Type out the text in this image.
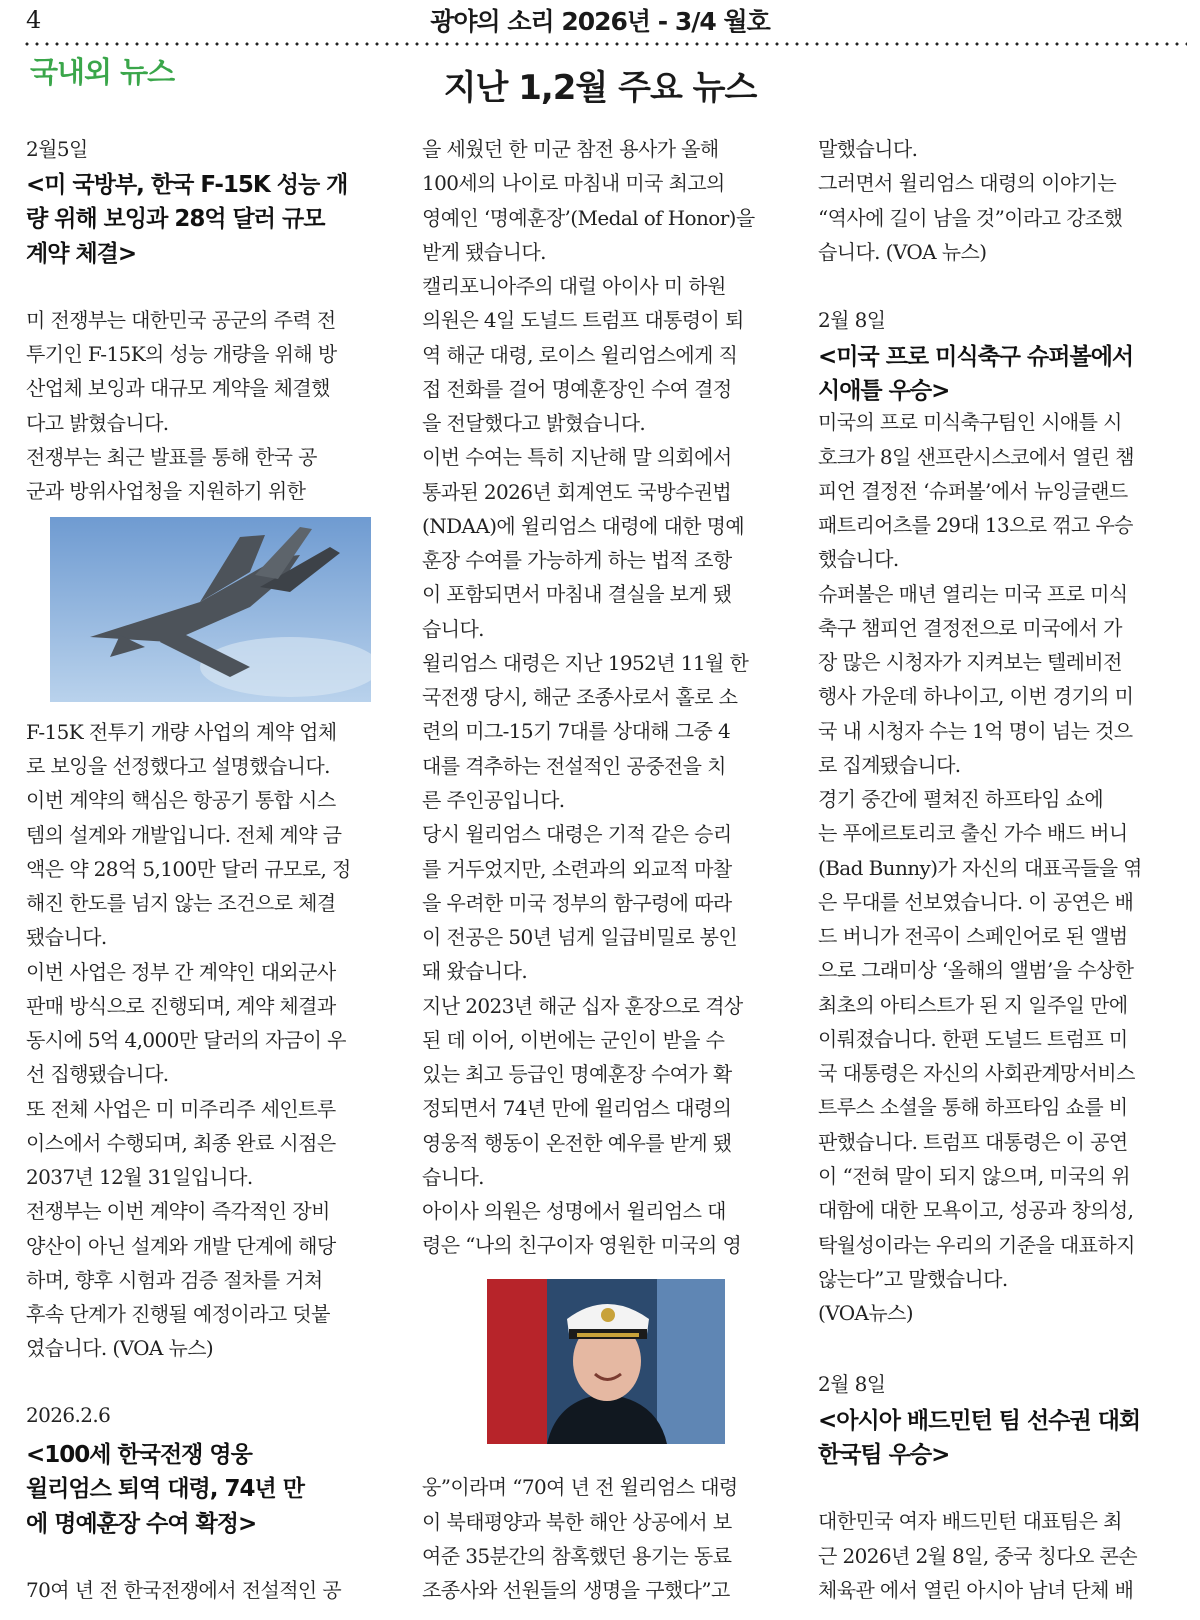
4	광야의 소리 2026년 - 3/4 월호
국내외 뉴스	지난 1,2월 주요 뉴스
2월5일
<미 국방부, 한국 F-15K 성능 개
량 위해 보잉과 28억 달러 규모
계약 체결>
미 전쟁부는 대한민국 공군의 주력 전
투기인 F-15K의 성능 개량을 위해 방
산업체 보잉과 대규모 계약을 체결했
다고 밝혔습니다.
전쟁부는 최근 발표를 통해 한국 공
군과 방위사업청을 지원하기 위한
F-15K 전투기 개량 사업의 계약 업체
로 보잉을 선정했다고 설명했습니다.
이번 계약의 핵심은 항공기 통합 시스
템의 설계와 개발입니다. 전체 계약 금
액은 약 28억 5,100만 달러 규모로, 정
해진 한도를 넘지 않는 조건으로 체결
됐습니다.
이번 사업은 정부 간 계약인 대외군사
판매 방식으로 진행되며, 계약 체결과
동시에 5억 4,000만 달러의 자금이 우
선 집행됐습니다.
또 전체 사업은 미 미주리주 세인트루
이스에서 수행되며, 최종 완료 시점은
2037년 12월 31일입니다.
전쟁부는 이번 계약이 즉각적인 장비
양산이 아닌 설계와 개발 단계에 해당
하며, 향후 시험과 검증 절차를 거쳐
후속 단계가 진행될 예정이라고 덧붙
였습니다. (VOA 뉴스)
2026.2.6
<100세 한국전쟁 영웅
윌리엄스 퇴역 대령, 74년 만
에 명예훈장 수여 확정>
70여 년 전 한국전쟁에서 전설적인 공
을 세웠던 한 미군 참전 용사가 올해
100세의 나이로 마침내 미국 최고의
영예인 ‘명예훈장’(Medal of Honor)을
받게 됐습니다.
캘리포니아주의 대럴 아이사 미 하원
의원은 4일 도널드 트럼프 대통령이 퇴
역 해군 대령, 로이스 윌리엄스에게 직
접 전화를 걸어 명예훈장인 수여 결정
을 전달했다고 밝혔습니다.
이번 수여는 특히 지난해 말 의회에서
통과된 2026년 회계연도 국방수권법
(NDAA)에 윌리엄스 대령에 대한 명예
훈장 수여를 가능하게 하는 법적 조항
이 포함되면서 마침내 결실을 보게 됐
습니다.
윌리엄스 대령은 지난 1952년 11월 한
국전쟁 당시, 해군 조종사로서 홀로 소
련의 미그-15기 7대를 상대해 그중 4
대를 격추하는 전설적인 공중전을 치
른 주인공입니다.
당시 윌리엄스 대령은 기적 같은 승리
를 거두었지만, 소련과의 외교적 마찰
을 우려한 미국 정부의 함구령에 따라
이 전공은 50년 넘게 일급비밀로 봉인
돼 왔습니다.
지난 2023년 해군 십자 훈장으로 격상
된 데 이어, 이번에는 군인이 받을 수
있는 최고 등급인 명예훈장 수여가 확
정되면서 74년 만에 윌리엄스 대령의
영웅적 행동이 온전한 예우를 받게 됐
습니다.
아이사 의원은 성명에서 윌리엄스 대
령은 “나의 친구이자 영원한 미국의 영
웅”이라며 “70여 년 전 윌리엄스 대령
이 북태평양과 북한 해안 상공에서 보
여준 35분간의 참혹했던 용기는 동료
조종사와 선원들의 생명을 구했다”고
말했습니다.
그러면서 윌리엄스 대령의 이야기는
“역사에 길이 남을 것”이라고 강조했
습니다. (VOA 뉴스)
2월 8일
<미국 프로 미식축구 슈퍼볼에서
시애틀 우승>
미국의 프로 미식축구팀인 시애틀 시
호크가 8일 샌프란시스코에서 열린 챔
피언 결정전 ‘슈퍼볼’에서 뉴잉글랜드
패트리어츠를 29대 13으로 꺾고 우승
했습니다.
슈퍼볼은 매년 열리는 미국 프로 미식
축구 챔피언 결정전으로 미국에서 가
장 많은 시청자가 지켜보는 텔레비전
행사 가운데 하나이고, 이번 경기의 미
국 내 시청자 수는 1억 명이 넘는 것으
로 집계됐습니다.
경기 중간에 펼쳐진 하프타임 쇼에
는 푸에르토리코 출신 가수 배드 버니
(Bad Bunny)가 자신의 대표곡들을 엮
은 무대를 선보였습니다. 이 공연은 배
드 버니가 전곡이 스페인어로 된 앨범
으로 그래미상 ‘올해의 앨범’을 수상한
최초의 아티스트가 된 지 일주일 만에
이뤄졌습니다. 한편 도널드 트럼프 미
국 대통령은 자신의 사회관계망서비스
트루스 소셜을 통해 하프타임 쇼를 비
판했습니다. 트럼프 대통령은 이 공연
이 “전혀 말이 되지 않으며, 미국의 위
대함에 대한 모욕이고, 성공과 창의성,
탁월성이라는 우리의 기준을 대표하지
않는다”고 말했습니다.
(VOA뉴스)
2월 8일
<아시아 배드민턴 팀 선수권 대회
한국팀 우승>
대한민국 여자 배드민턴 대표팀은 최
근 2026년 2월 8일, 중국 칭다오 콘손
체육관 에서 열린 아시아 남녀 단체 배
